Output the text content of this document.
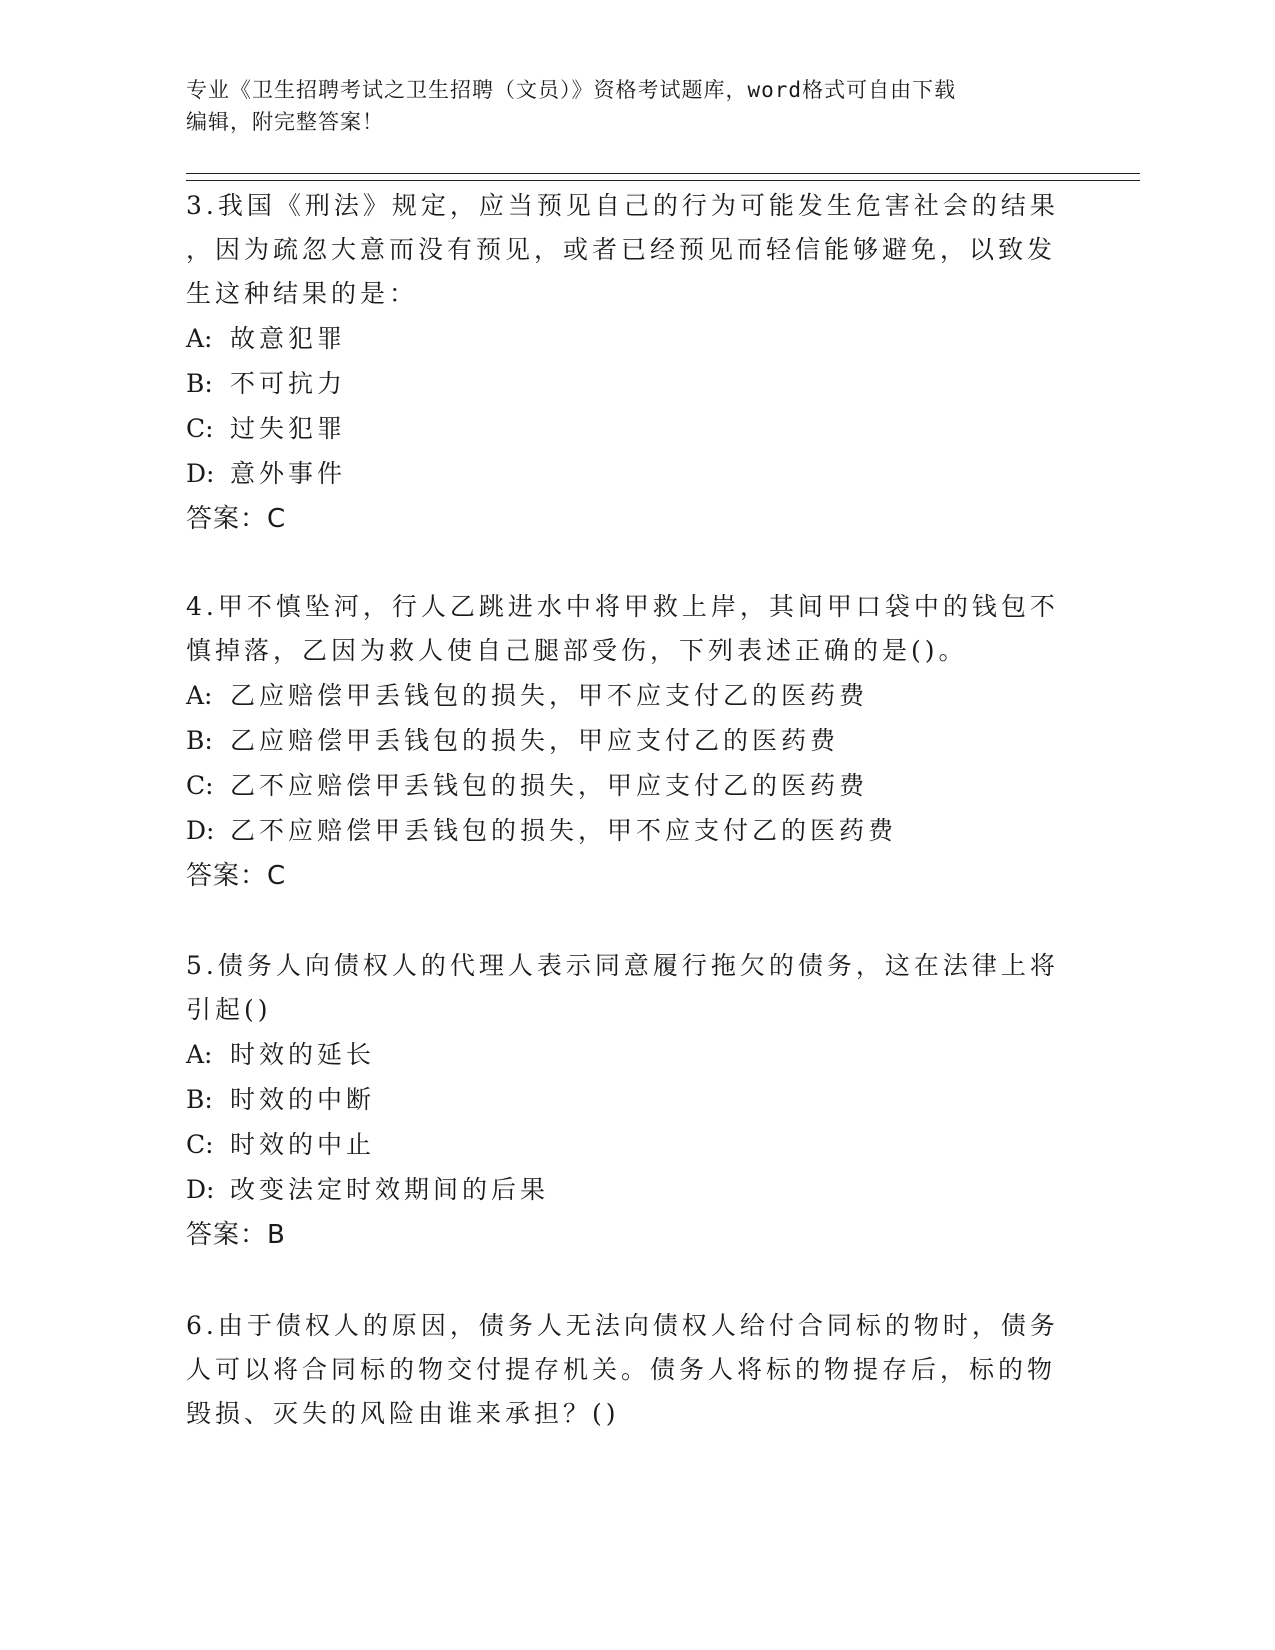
专业《卫生招聘考试之卫生招聘（文员）》资格考试题库，word格式可自由下载
编辑，附完整答案！

3.我国《刑法》规定，应当预见自己的行为可能发生危害社会的结果

，因为疏忽大意而没有预见，或者已经预见而轻信能够避免，以致发

生这种结果的是：

A: 故意犯罪

B: 不可抗力

C: 过失犯罪

D: 意外事件

答案：C

4.甲不慎坠河，行人乙跳进水中将甲救上岸，其间甲口袋中的钱包不

慎掉落，乙因为救人使自己腿部受伤，下列表述正确的是()。

A: 乙应赔偿甲丢钱包的损失，甲不应支付乙的医药费

B: 乙应赔偿甲丢钱包的损失，甲应支付乙的医药费

C: 乙不应赔偿甲丢钱包的损失，甲应支付乙的医药费

D: 乙不应赔偿甲丢钱包的损失，甲不应支付乙的医药费

答案：C

5.债务人向债权人的代理人表示同意履行拖欠的债务，这在法律上将

引起()

A: 时效的延长

B: 时效的中断

C: 时效的中止

D: 改变法定时效期间的后果

答案：B

6.由于债权人的原因，债务人无法向债权人给付合同标的物时，债务

人可以将合同标的物交付提存机关。债务人将标的物提存后，标的物

毁损、灭失的风险由谁来承担？()
